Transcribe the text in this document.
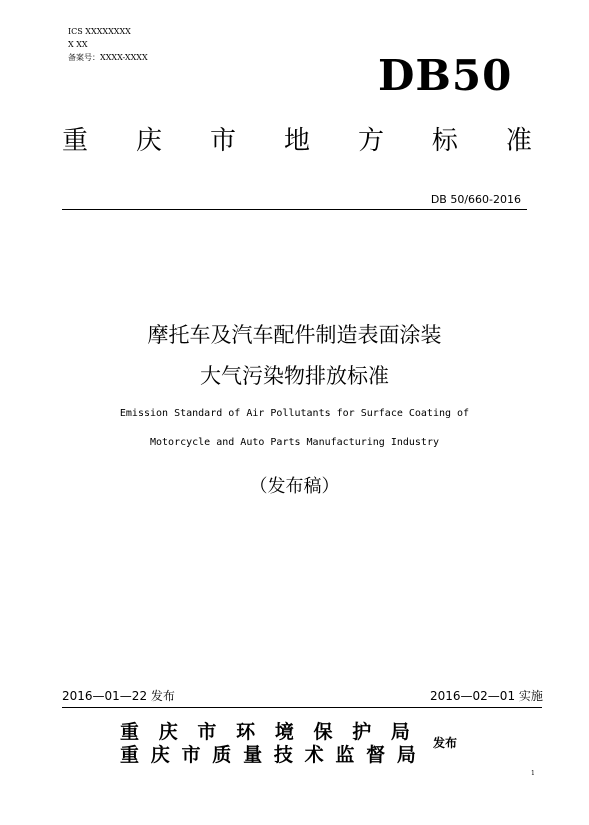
ICS XXXXXXXX
X XX
备案号：XXXX-XXXX	DB50
重 庆 市 地 方 标 准
DB 50/660-2016
摩托车及汽车配件制造表面涂装
大气污染物排放标准
Emission Standard of Air Pollutants for Surface Coating of
Motorcycle and Auto Parts Manufacturing Industry
（发布稿）
2016—01—22 发布	2016—02—01 实施
重 庆 市 环 境 保 护 局
重 庆 市 质 量 技 术 监 督 局
发布
1
